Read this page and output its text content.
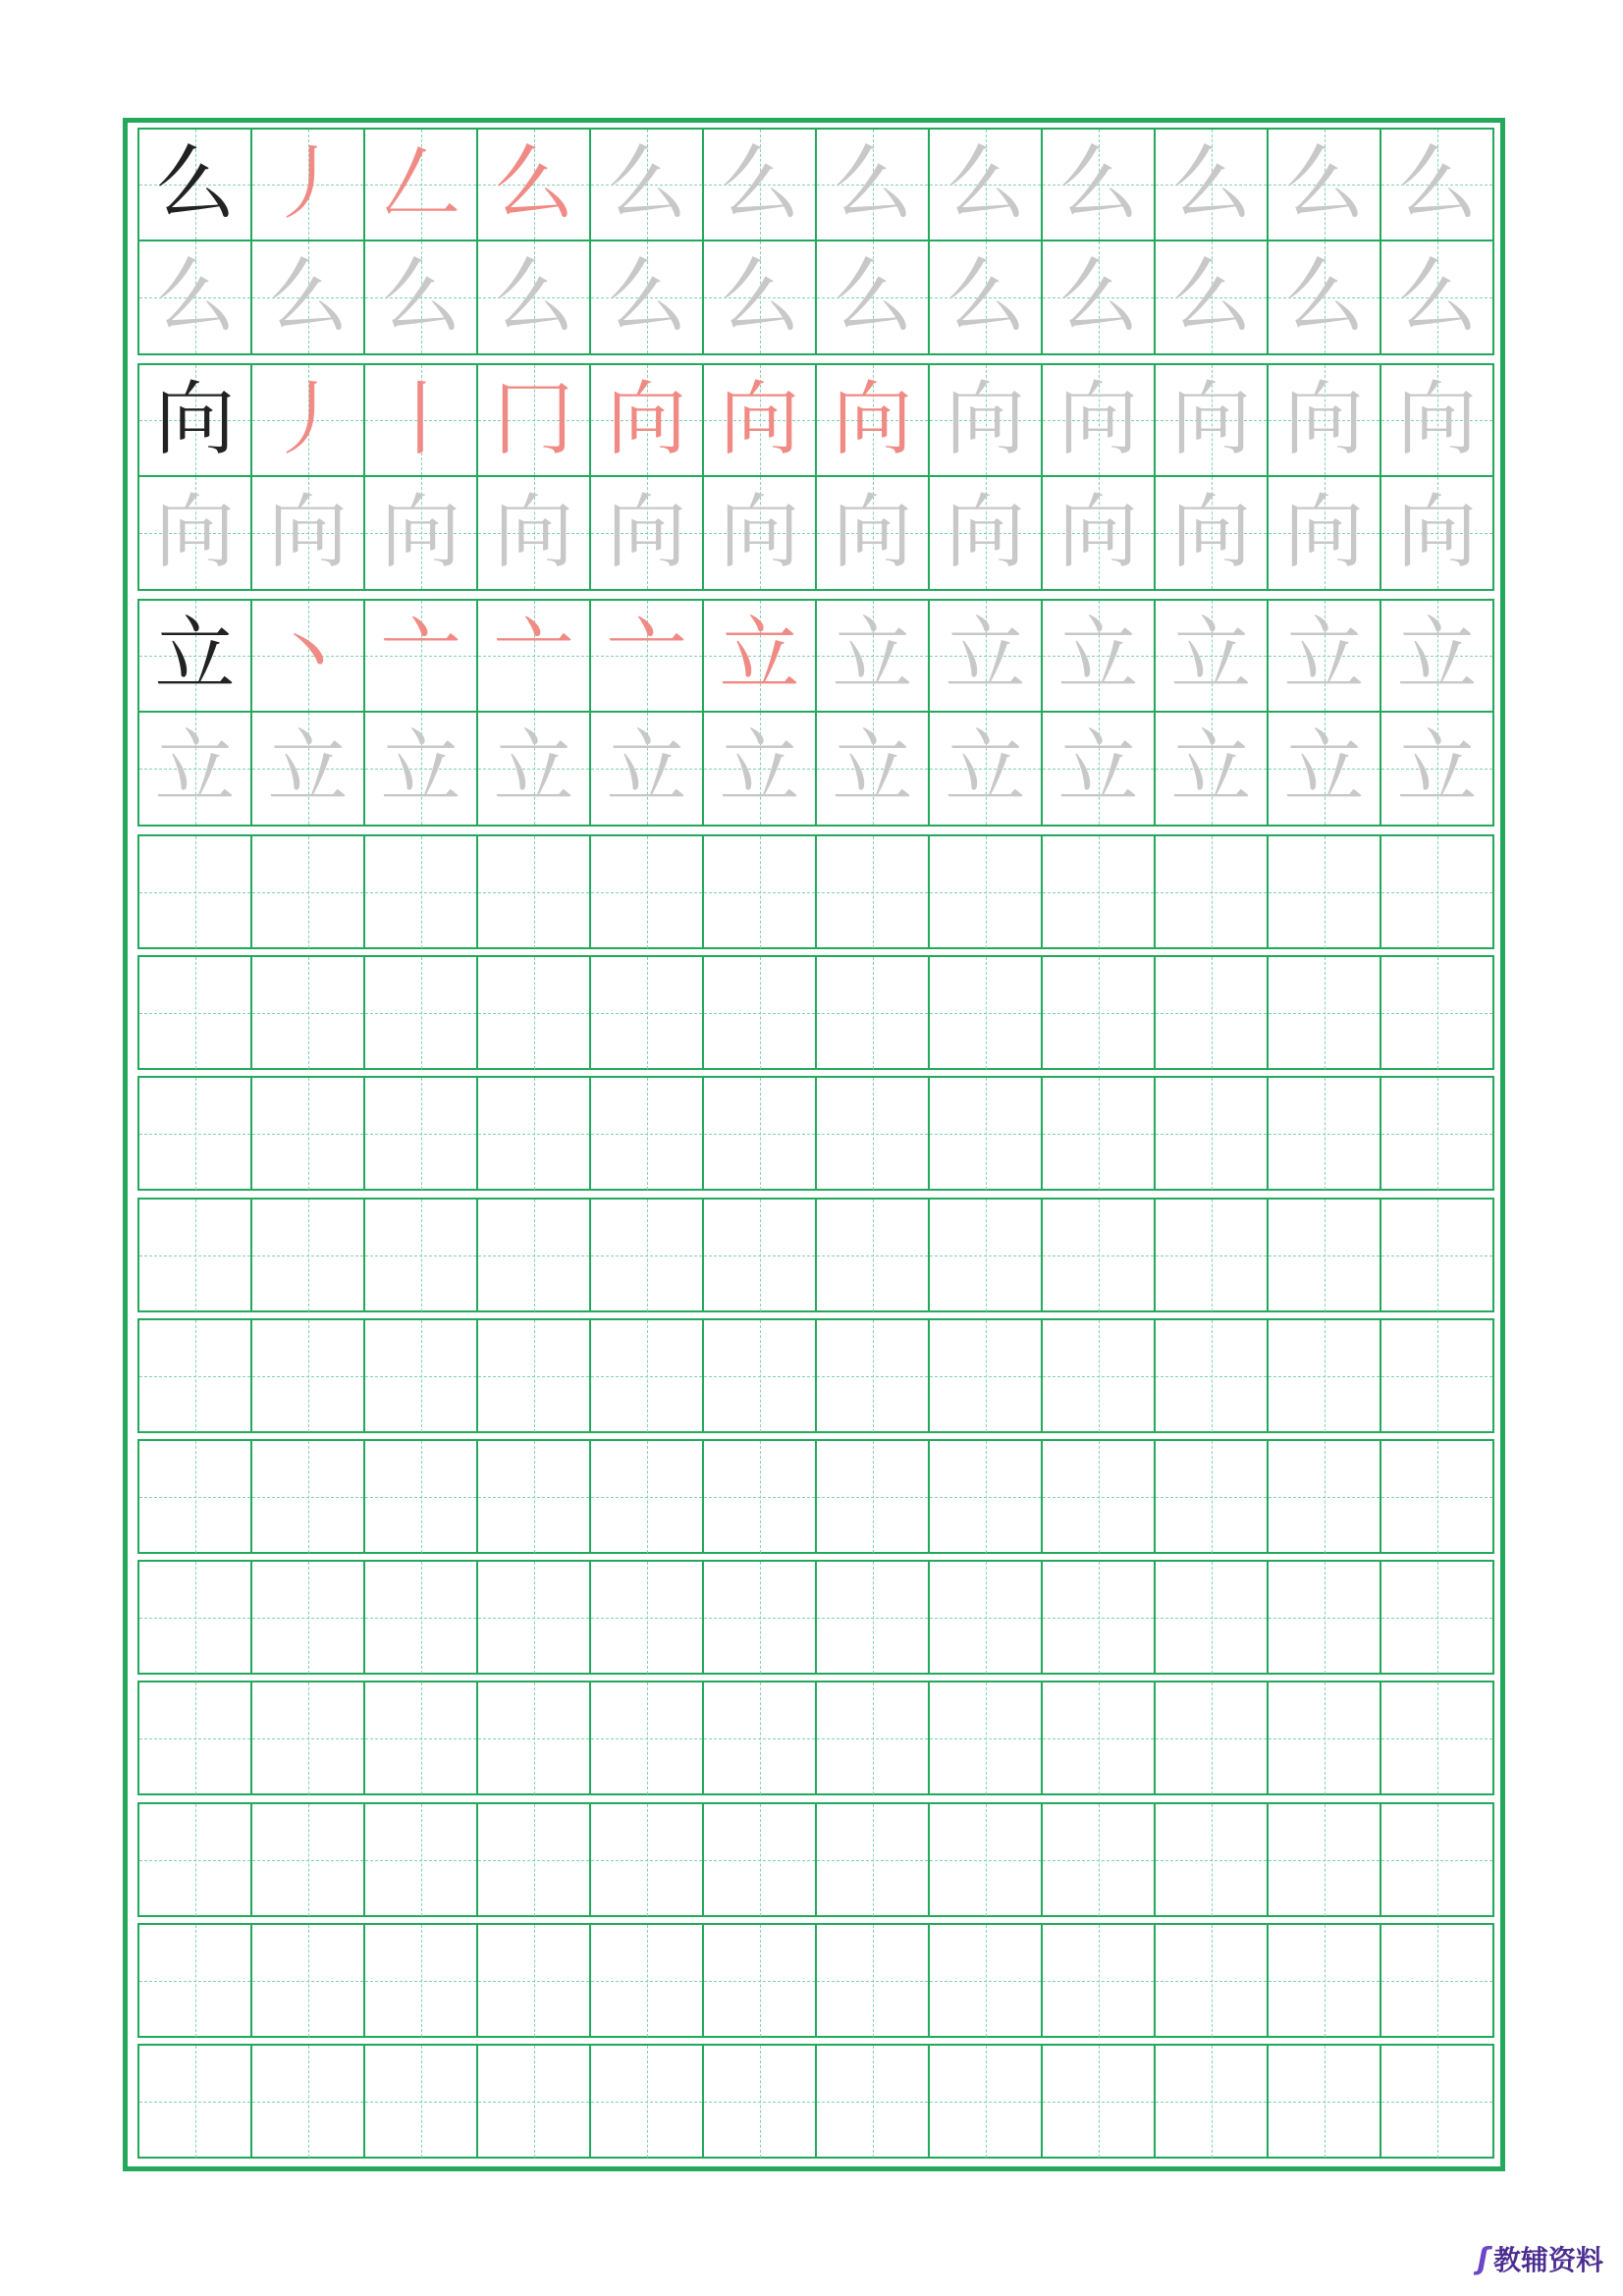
么 丿 𠃋 么 么 么 么 么 么 么 么 么
么 么 么 么 么 么 么 么 么 么 么 么
向 丿 丨 冂 向 向 向 向 向 向 向 向
向 向 向 向 向 向 向 向 向 向 向 向
立 丶 亠 亠 亠 立 立 立 立 立 立 立
立 立 立 立 立 立 立 立 立 立 立 立
ʃ 教辅资料
